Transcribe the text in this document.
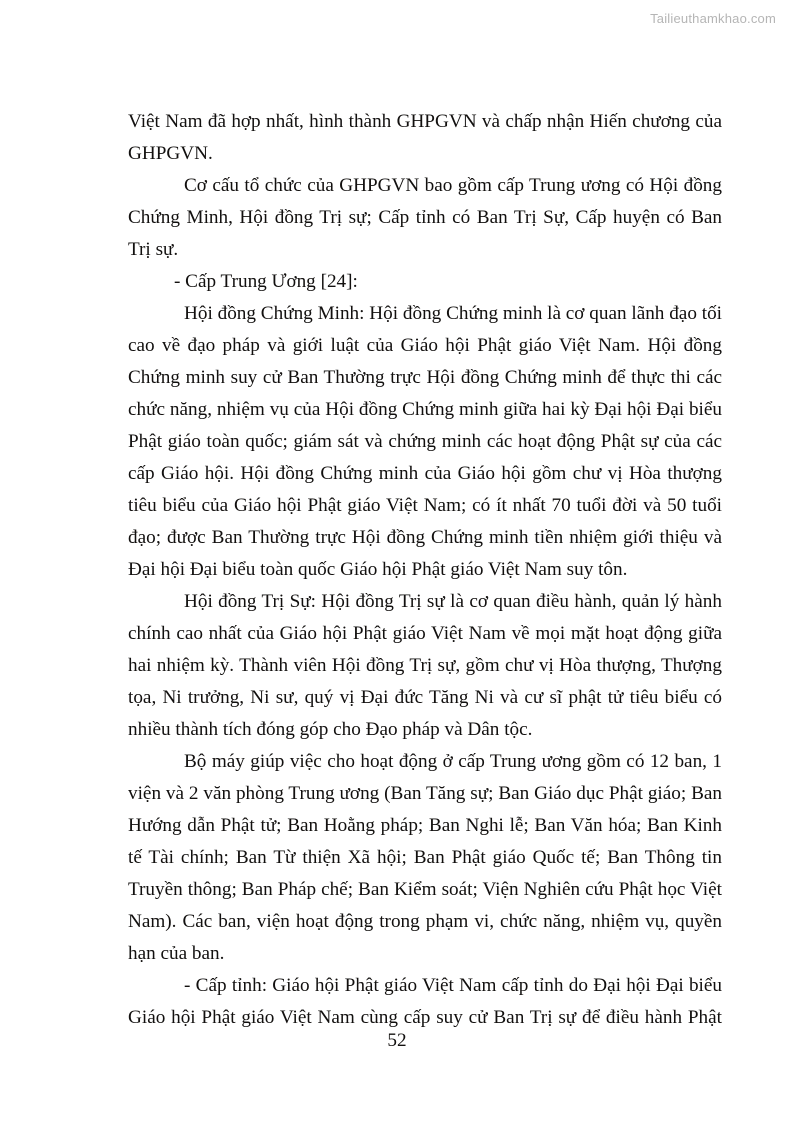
Tailieuthamkhao.com

Việt Nam đã hợp nhất, hình thành GHPGVN và chấp nhận Hiến chương của GHPGVN.

Cơ cấu tổ chức của GHPGVN bao gồm cấp Trung ương có Hội đồng Chứng Minh, Hội đồng Trị sự; Cấp tỉnh có Ban Trị Sự, Cấp huyện có Ban Trị sự.

- Cấp Trung Ương [24]:

Hội đồng Chứng Minh: Hội đồng Chứng minh là cơ quan lãnh đạo tối cao về đạo pháp và giới luật của Giáo hội Phật giáo Việt Nam. Hội đồng Chứng minh suy cử Ban Thường trực Hội đồng Chứng minh để thực thi các chức năng, nhiệm vụ của Hội đồng Chứng minh giữa hai kỳ Đại hội Đại biểu Phật giáo toàn quốc; giám sát và chứng minh các hoạt động Phật sự của các cấp Giáo hội. Hội đồng Chứng minh của Giáo hội gồm chư vị Hòa thượng tiêu biểu của Giáo hội Phật giáo Việt Nam; có ít nhất 70 tuổi đời và 50 tuổi đạo; được Ban Thường trực Hội đồng Chứng minh tiền nhiệm giới thiệu và Đại hội Đại biểu toàn quốc Giáo hội Phật giáo Việt Nam suy tôn.

Hội đồng Trị Sự: Hội đồng Trị sự là cơ quan điều hành, quản lý hành chính cao nhất của Giáo hội Phật giáo Việt Nam về mọi mặt hoạt động giữa hai nhiệm kỳ. Thành viên Hội đồng Trị sự, gồm chư vị Hòa thượng, Thượng tọa, Ni trưởng, Ni sư, quý vị Đại đức Tăng Ni và cư sĩ phật tử tiêu biểu có nhiều thành tích đóng góp cho Đạo pháp và Dân tộc.

Bộ máy giúp việc cho hoạt động ở cấp Trung ương gồm có 12 ban, 1 viện và 2 văn phòng Trung ương (Ban Tăng sự; Ban Giáo dục Phật giáo; Ban Hướng dẫn Phật tử; Ban Hoằng pháp; Ban Nghi lễ; Ban Văn hóa; Ban Kinh tế Tài chính; Ban Từ thiện Xã hội; Ban Phật giáo Quốc tế; Ban Thông tin Truyền thông; Ban Pháp chế; Ban Kiểm soát; Viện Nghiên cứu Phật học Việt Nam). Các ban, viện hoạt động trong phạm vi, chức năng, nhiệm vụ, quyền hạn của ban.

- Cấp tỉnh: Giáo hội Phật giáo Việt Nam cấp tỉnh do Đại hội Đại biểu Giáo hội Phật giáo Việt Nam cùng cấp suy cử Ban Trị sự để điều hành Phật

52
